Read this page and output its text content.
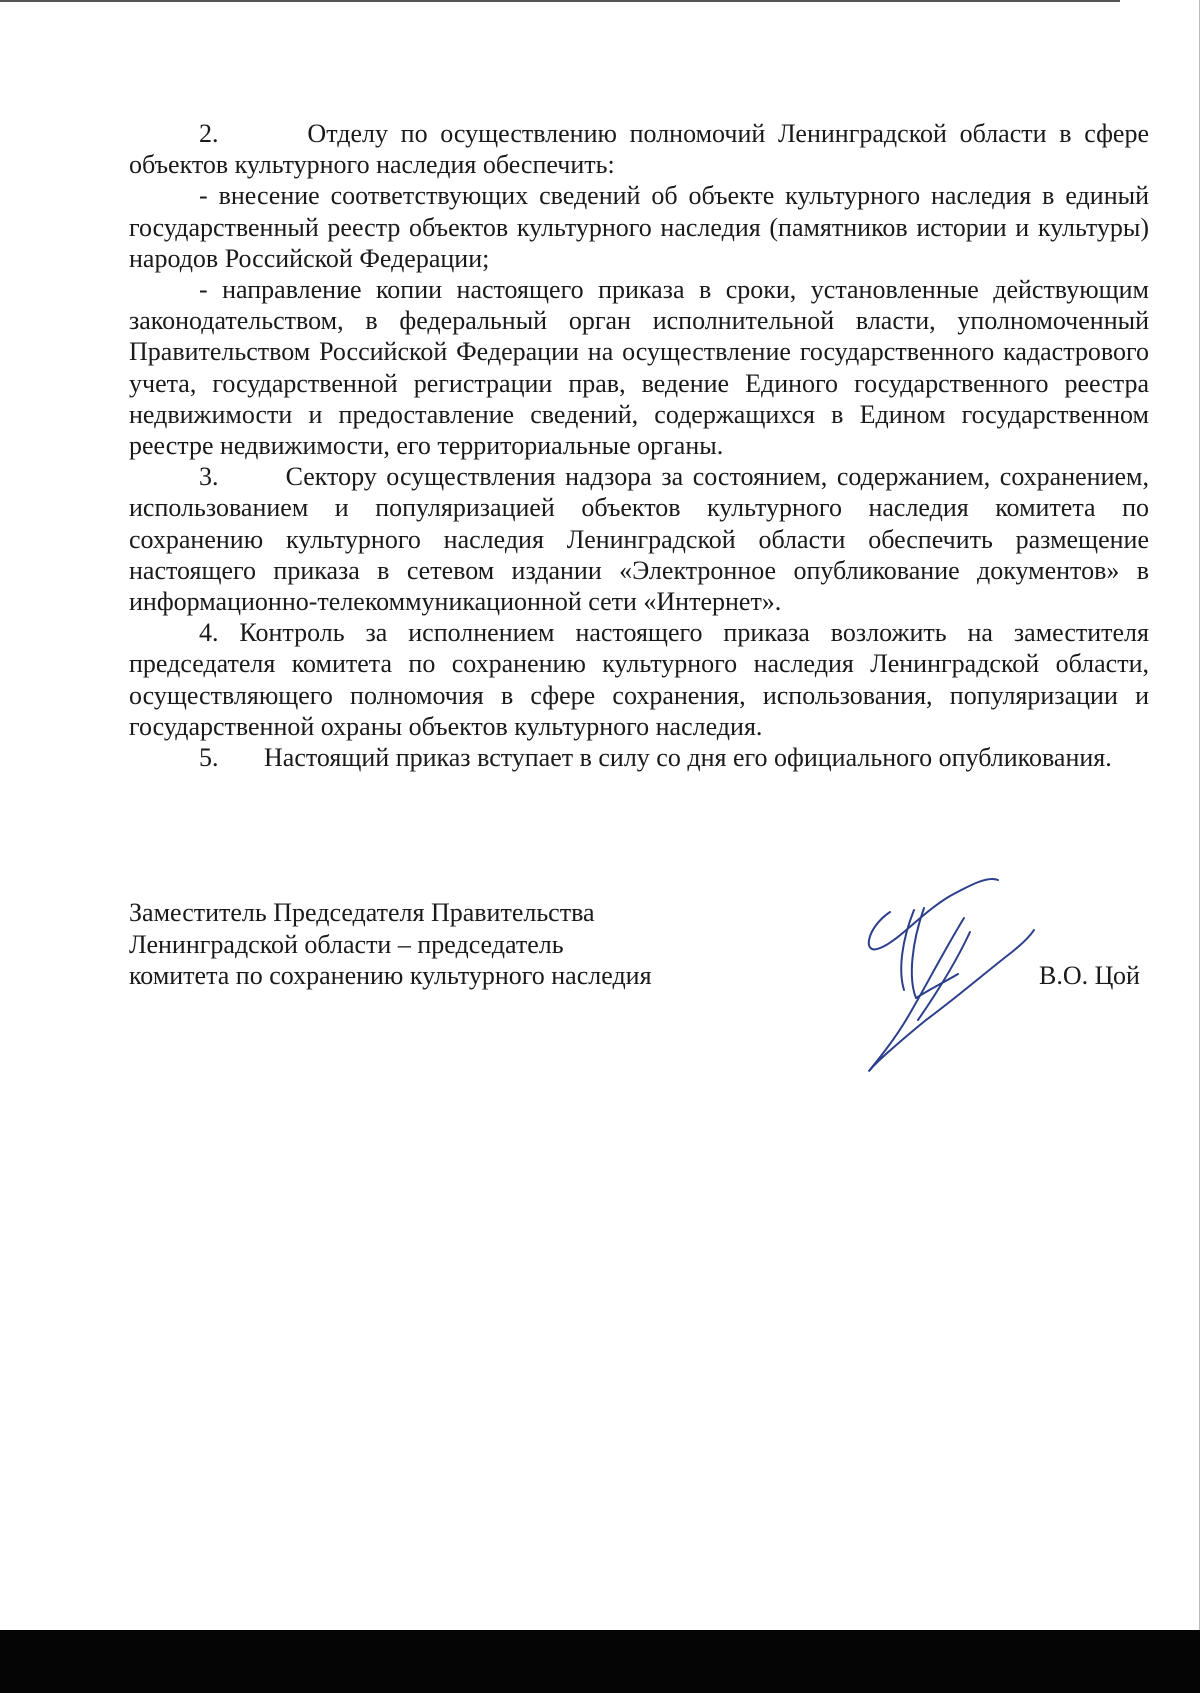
2.       Отделу по осуществлению полномочий Ленинградской области в сфере объектов культурного наследия обеспечить:

- внесение соответствующих сведений об объекте культурного наследия в единый государственный реестр объектов культурного наследия (памятников истории и культуры) народов Российской Федерации;

- направление копии настоящего приказа в сроки, установленные действующим законодательством, в федеральный орган исполнительной власти, уполномоченный Правительством Российской Федерации на осуществление государственного кадастрового учета, государственной регистрации прав, ведение Единого государственного реестра недвижимости и предоставление сведений, содержащихся в Едином государственном реестре недвижимости, его территориальные органы.

3.       Сектору осуществления надзора за состоянием, содержанием, сохранением, использованием и популяризацией объектов культурного наследия комитета по сохранению культурного наследия Ленинградской области обеспечить размещение настоящего приказа в сетевом издании «Электронное опубликование документов» в информационно-телекоммуникационной сети «Интернет».

4. Контроль за исполнением настоящего приказа возложить на заместителя председателя комитета по сохранению культурного наследия Ленинградской области, осуществляющего полномочия в сфере сохранения, использования, популяризации и государственной охраны объектов культурного наследия.

5.       Настоящий приказ вступает в силу со дня его официального опубликования.

Заместитель Председателя Правительства
Ленинградской области – председатель
комитета по сохранению культурного наследия	В.О. Цой
